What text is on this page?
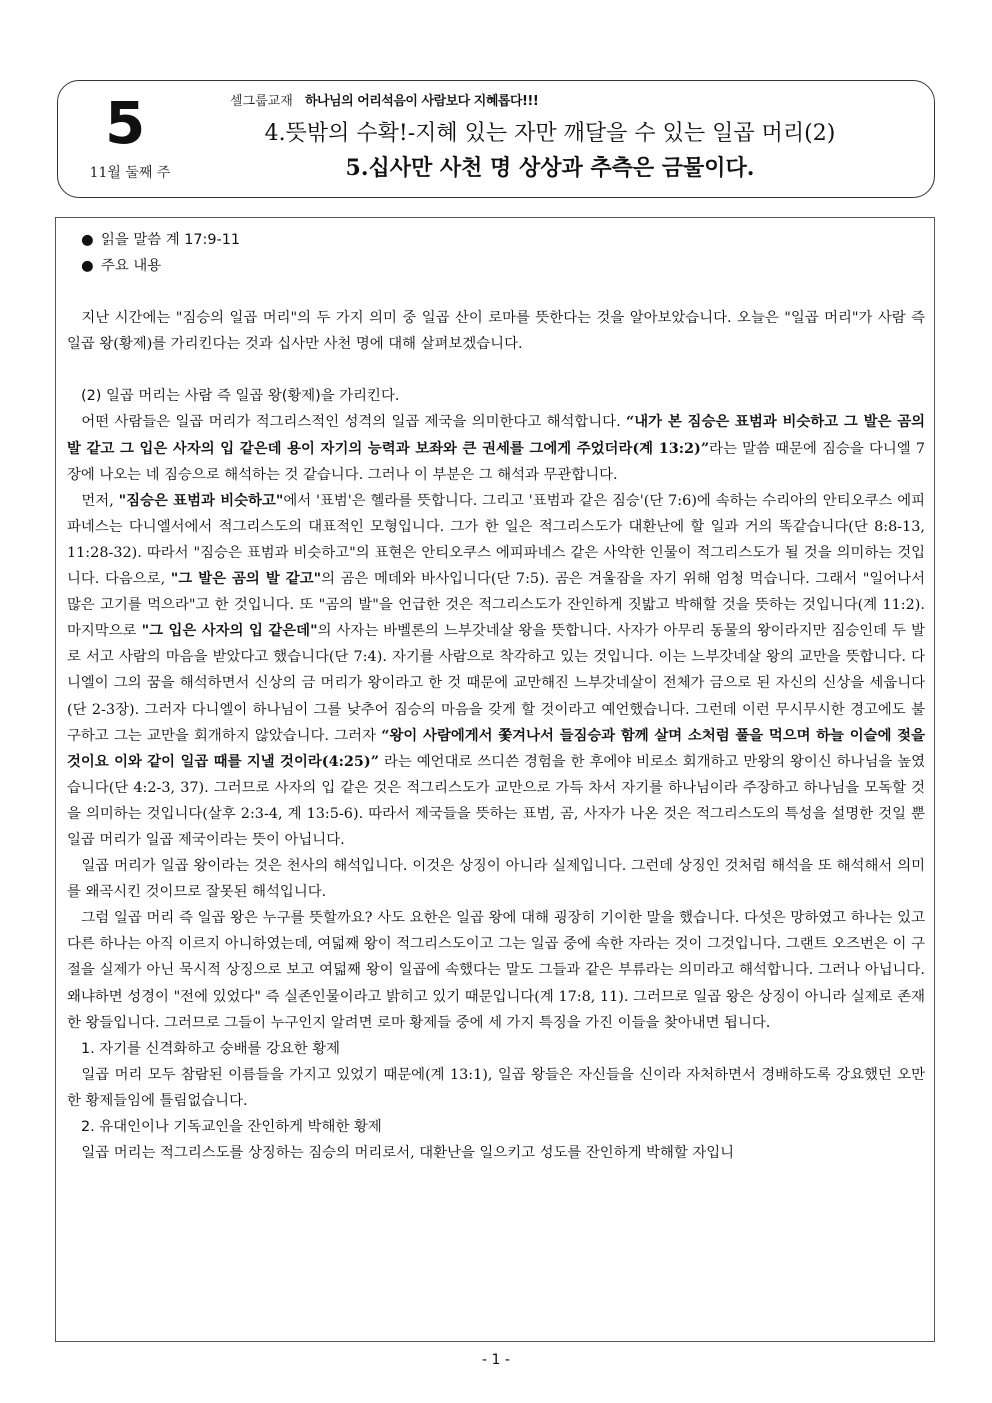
5
11월 둘째 주
셀그룹교재 하나님의 어리석음이 사람보다 지혜롭다!!!
4.뜻밖의 수확!-지혜 있는 자만 깨달을 수 있는 일곱 머리(2)
5.십사만 사천 명 상상과 추측은 금물이다.

● 읽을 말씀 계 17:9-11

● 주요 내용

지난 시간에는 "짐승의 일곱 머리"의 두 가지 의미 중 일곱 산이 로마를 뜻한다는 것을 알아보았습니다. 오늘은 "일곱 머리"가 사람 즉 일곱 왕(황제)를 가리킨다는 것과 십사만 사천 명에 대해 살펴보겠습니다.

(2) 일곱 머리는 사람 즉 일곱 왕(황제)을 가리킨다.

어떤 사람들은 일곱 머리가 적그리스적인 성격의 일곱 제국을 의미한다고 해석합니다. “내가 본 짐승은 표범과 비슷하고 그 발은 곰의 발 같고 그 입은 사자의 입 같은데 용이 자기의 능력과 보좌와 큰 권세를 그에게 주었더라(계 13:2)”라는 말씀 때문에 짐승을 다니엘 7장에 나오는 네 짐승으로 해석하는 것 같습니다. 그러나 이 부분은 그 해석과 무관합니다.

먼저, "짐승은 표범과 비슷하고"에서 '표범'은 헬라를 뜻합니다. 그리고 '표범과 같은 짐승'(단 7:6)에 속하는 수리아의 안티오쿠스 에피파네스는 다니엘서에서 적그리스도의 대표적인 모형입니다. 그가 한 일은 적그리스도가 대환난에 할 일과 거의 똑같습니다(단 8:8-13, 11:28-32). 따라서 "짐승은 표범과 비슷하고"의 표현은 안티오쿠스 에피파네스 같은 사악한 인물이 적그리스도가 될 것을 의미하는 것입니다. 다음으로, "그 발은 곰의 발 같고"의 곰은 메데와 바사입니다(단 7:5). 곰은 겨울잠을 자기 위해 엄청 먹습니다. 그래서 "일어나서 많은 고기를 먹으라"고 한 것입니다. 또 "곰의 발"을 언급한 것은 적그리스도가 잔인하게 짓밟고 박해할 것을 뜻하는 것입니다(계 11:2). 마지막으로 "그 입은 사자의 입 같은데"의 사자는 바벨론의 느부갓네살 왕을 뜻합니다. 사자가 아무리 동물의 왕이라지만 짐승인데 두 발로 서고 사람의 마음을 받았다고 했습니다(단 7:4). 자기를 사람으로 착각하고 있는 것입니다. 이는 느부갓네살 왕의 교만을 뜻합니다. 다니엘이 그의 꿈을 해석하면서 신상의 금 머리가 왕이라고 한 것 때문에 교만해진 느부갓네살이 전체가 금으로 된 자신의 신상을 세웁니다(단 2-3장). 그러자 다니엘이 하나님이 그를 낮추어 짐승의 마음을 갖게 할 것이라고 예언했습니다. 그런데 이런 무시무시한 경고에도 불구하고 그는 교만을 회개하지 않았습니다. 그러자 “왕이 사람에게서 쫓겨나서 들짐승과 함께 살며 소처럼 풀을 먹으며 하늘 이슬에 젖을 것이요 이와 같이 일곱 때를 지낼 것이라(4:25)” 라는 예언대로 쓰디쓴 경험을 한 후에야 비로소 회개하고 만왕의 왕이신 하나님을 높였습니다(단 4:2-3, 37). 그러므로 사자의 입 같은 것은 적그리스도가 교만으로 가득 차서 자기를 하나님이라 주장하고 하나님을 모독할 것을 의미하는 것입니다(살후 2:3-4, 계 13:5-6). 따라서 제국들을 뜻하는 표범, 곰, 사자가 나온 것은 적그리스도의 특성을 설명한 것일 뿐 일곱 머리가 일곱 제국이라는 뜻이 아닙니다.

일곱 머리가 일곱 왕이라는 것은 천사의 해석입니다. 이것은 상징이 아니라 실제입니다. 그런데 상징인 것처럼 해석을 또 해석해서 의미를 왜곡시킨 것이므로 잘못된 해석입니다.

그럼 일곱 머리 즉 일곱 왕은 누구를 뜻할까요? 사도 요한은 일곱 왕에 대해 굉장히 기이한 말을 했습니다. 다섯은 망하였고 하나는 있고 다른 하나는 아직 이르지 아니하였는데, 여덟째 왕이 적그리스도이고 그는 일곱 중에 속한 자라는 것이 그것입니다. 그랜트 오즈번은 이 구절을 실제가 아닌 묵시적 상징으로 보고 여덟째 왕이 일곱에 속했다는 말도 그들과 같은 부류라는 의미라고 해석합니다. 그러나 아닙니다. 왜냐하면 성경이 "전에 있었다" 즉 실존인물이라고 밝히고 있기 때문입니다(계 17:8, 11). 그러므로 일곱 왕은 상징이 아니라 실제로 존재한 왕들입니다. 그러므로 그들이 누구인지 알려면 로마 황제들 중에 세 가지 특징을 가진 이들을 찾아내면 됩니다.

1. 자기를 신격화하고 숭배를 강요한 황제

일곱 머리 모두 참람된 이름들을 가지고 있었기 때문에(계 13:1), 일곱 왕들은 자신들을 신이라 자처하면서 경배하도록 강요했던 오만한 황제들임에 틀림없습니다.

2. 유대인이나 기독교인을 잔인하게 박해한 황제

일곱 머리는 적그리스도를 상징하는 짐승의 머리로서, 대환난을 일으키고 성도를 잔인하게 박해할 자입니

- 1 -
